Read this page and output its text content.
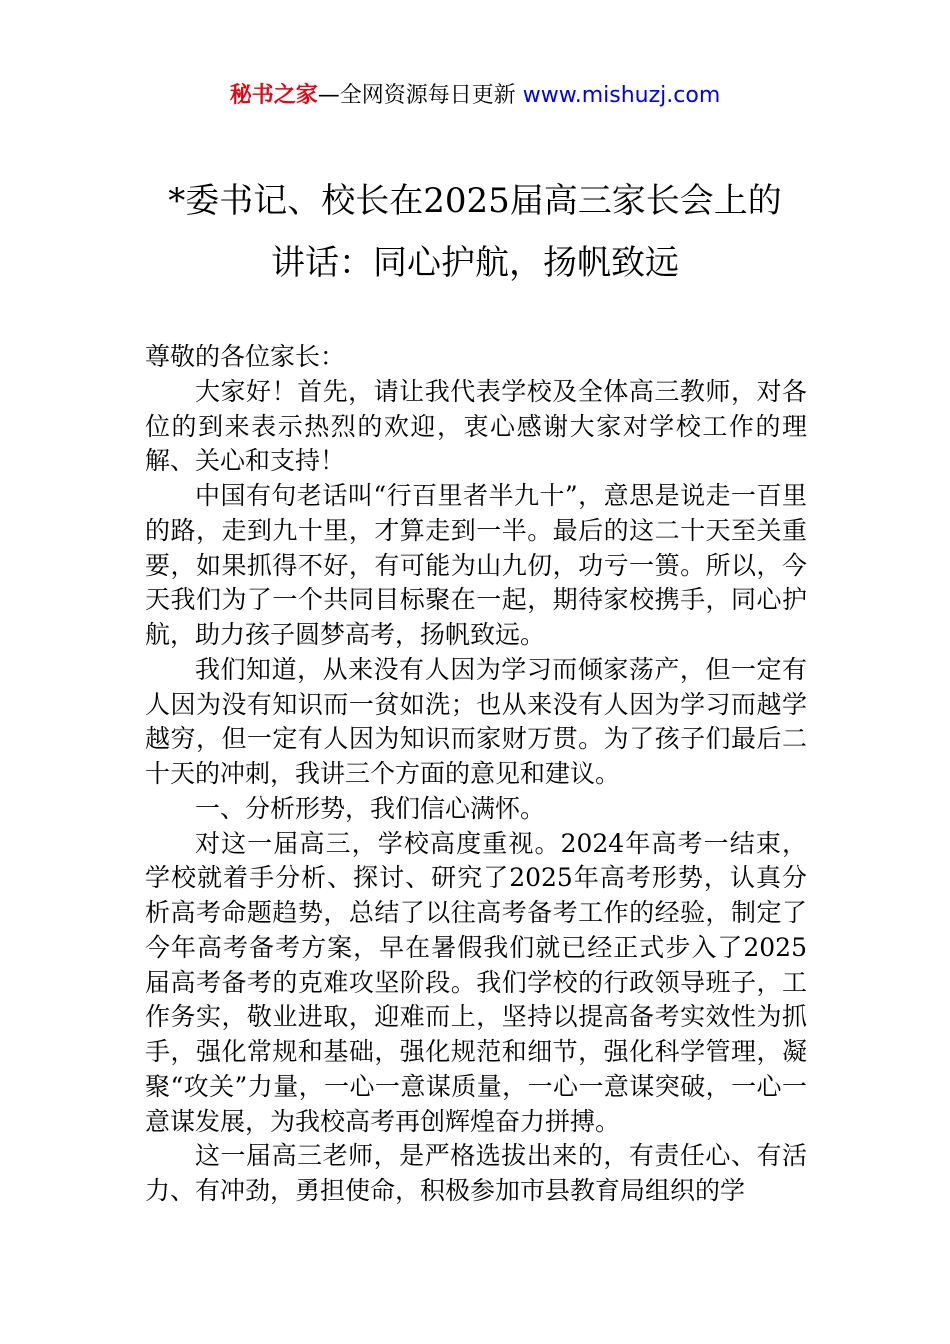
秘书之家—全网资源每日更新 www.mishuzj.com
*委书记、校长在2025届高三家长会上的
讲话：同心护航，扬帆致远

尊敬的各位家长：

大家好！首先，请让我代表学校及全体高三教师，对各位的到来表示热烈的欢迎，衷心感谢大家对学校工作的理解、关心和支持！

中国有句老话叫“行百里者半九十”，意思是说走一百里的路，走到九十里，才算走到一半。最后的这二十天至关重要，如果抓得不好，有可能为山九仞，功亏一篑。所以，今天我们为了一个共同目标聚在一起，期待家校携手，同心护航，助力孩子圆梦高考，扬帆致远。

我们知道，从来没有人因为学习而倾家荡产，但一定有人因为没有知识而一贫如洗；也从来没有人因为学习而越学越穷，但一定有人因为知识而家财万贯。为了孩子们最后二十天的冲刺，我讲三个方面的意见和建议。

一、分析形势，我们信心满怀。

对这一届高三，学校高度重视。2024年高考一结束，学校就着手分析、探讨、研究了2025年高考形势，认真分析高考命题趋势，总结了以往高考备考工作的经验，制定了今年高考备考方案，早在暑假我们就已经正式步入了2025届高考备考的克难攻坚阶段。我们学校的行政领导班子，工作务实，敬业进取，迎难而上，坚持以提高备考实效性为抓手，强化常规和基础，强化规范和细节，强化科学管理，凝聚“攻关”力量，一心一意谋质量，一心一意谋突破，一心一意谋发展，为我校高考再创辉煌奋力拼搏。

这一届高三老师，是严格选拔出来的，有责任心、有活力、有冲劲，勇担使命，积极参加市县教育局组织的学
